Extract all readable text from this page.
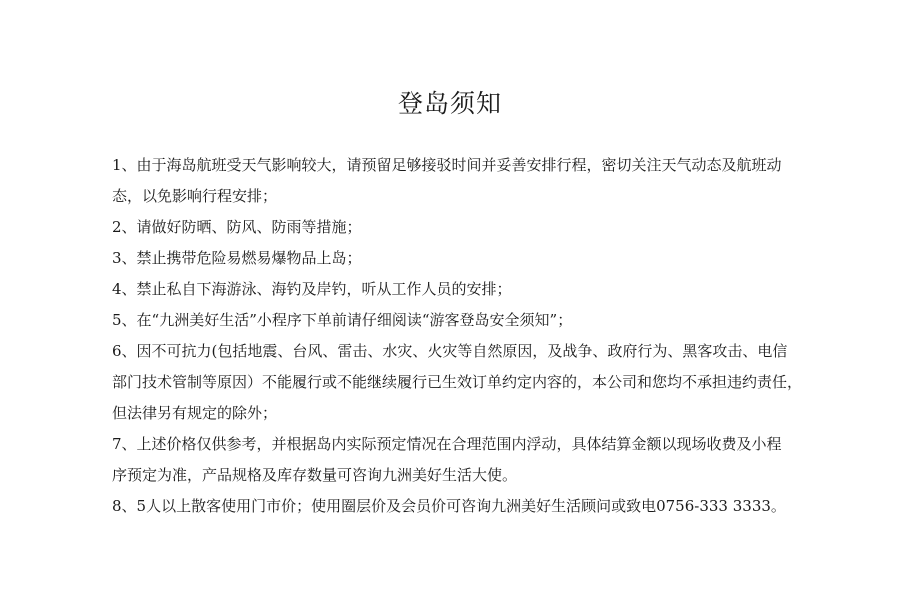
登岛须知
1、由于海岛航班受天气影响较大，请预留足够接驳时间并妥善安排行程，密切关注天气动态及航班动
态，以免影响行程安排；
2、请做好防晒、防风、防雨等措施；
3、禁止携带危险易燃易爆物品上岛；
4、禁止私自下海游泳、海钓及岸钓，听从工作人员的安排；
5、在“九洲美好生活”小程序下单前请仔细阅读“游客登岛安全须知”；
6、因不可抗力(包括地震、台风、雷击、水灾、火灾等自然原因，及战争、政府行为、黑客攻击、电信
部门技术管制等原因）不能履行或不能继续履行已生效订单约定内容的，本公司和您均不承担违约责任，
但法律另有规定的除外；
7、上述价格仅供参考，并根据岛内实际预定情况在合理范围内浮动，具体结算金额以现场收费及小程
序预定为准，产品规格及库存数量可咨询九洲美好生活大使。
8、5人以上散客使用门市价；使用圈层价及会员价可咨询九洲美好生活顾问或致电0756-333 3333。
